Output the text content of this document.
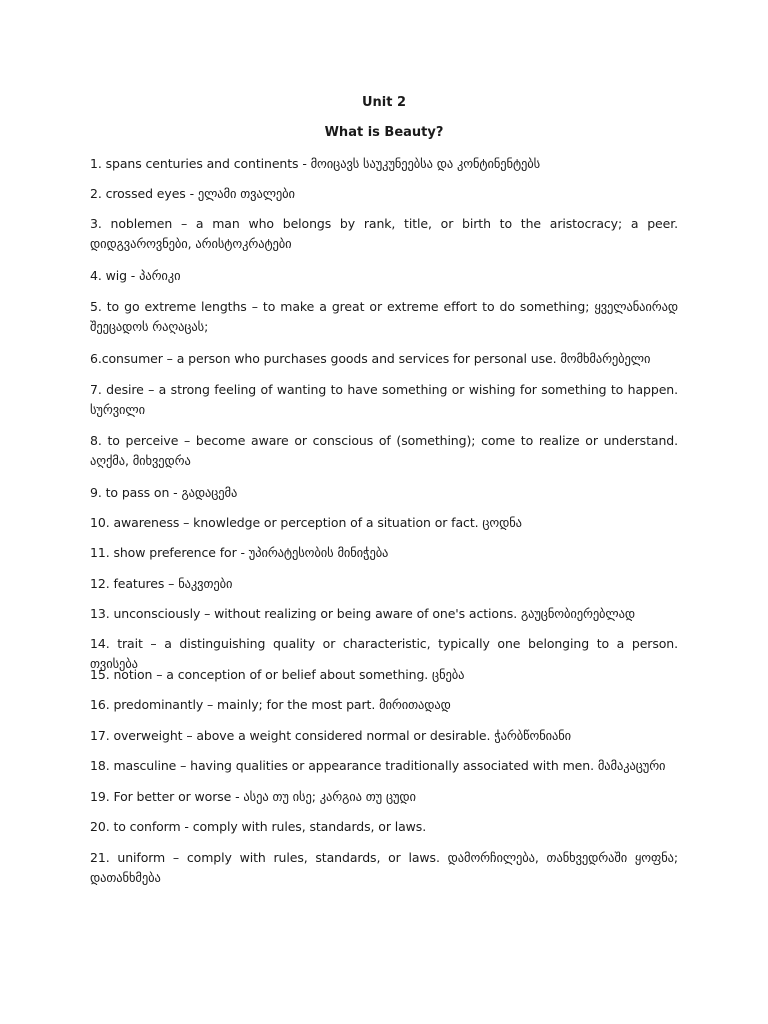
Unit 2
What is Beauty?
1. spans centuries and continents - მოიცავს საუკუნეებსა და კონტინენტებს
2. crossed eyes - ელამი თვალები
3. noblemen – a man who belongs by rank, title, or birth to the aristocracy; a peer. დიდგვაროვნები, არისტოკრატები
4. wig - პარიკი
5. to go extreme lengths – to make a great or extreme effort to do something; ყველანაირად შეეცადოს რაღაცას;
6.consumer – a person who purchases goods and services for personal use. მომხმარებელი
7. desire – a strong feeling of wanting to have something or wishing for something to happen. სურვილი
8. to perceive – become aware or conscious of (something); come to realize or understand. აღქმა, მიხვედრა
9. to pass on - გადაცემა
10. awareness – knowledge or perception of a situation or fact. ცოდნა
11. show preference for - უპირატესობის მინიჭება
12. features – ნაკვთები
13. unconsciously – without realizing or being aware of one's actions. გაუცნობიერებლად
14. trait – a distinguishing quality or characteristic, typically one belonging to a person. თვისება
15. notion – a conception of or belief about something. ცნება
16. predominantly – mainly; for the most part. მირითადად
17. overweight – above a weight considered normal or desirable. ჭარბწონიანი
18. masculine – having qualities or appearance traditionally associated with men. მამაკაცური
19. For better or worse - ასეა თუ ისე; კარგია თუ ცუდი
20. to conform - comply with rules, standards, or laws.
21. uniform – comply with rules, standards, or laws. დამორჩილება, თანხვედრაში ყოფნა; დათანხმება
